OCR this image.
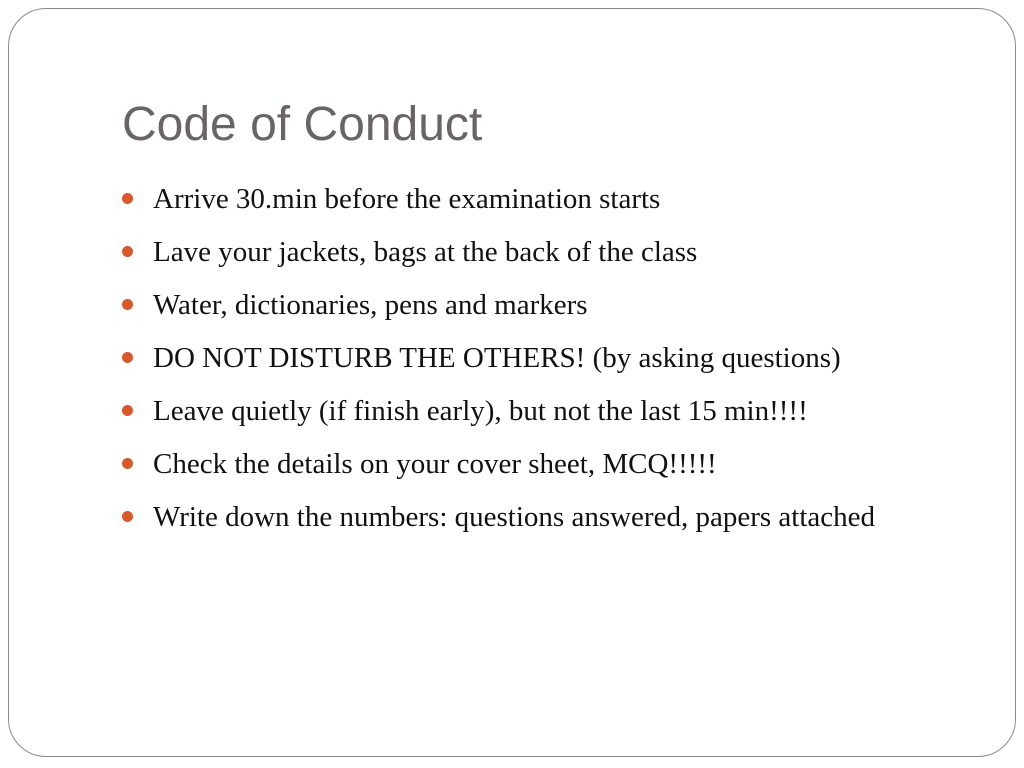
Code of Conduct
Arrive 30.min before the examination starts
Lave your jackets, bags at the back of the class
Water, dictionaries, pens and markers
DO NOT DISTURB THE OTHERS! (by asking questions)
Leave quietly (if finish early), but not the last 15 min!!!!
Check the details on your cover sheet, MCQ!!!!!
Write down the numbers: questions answered, papers attached
